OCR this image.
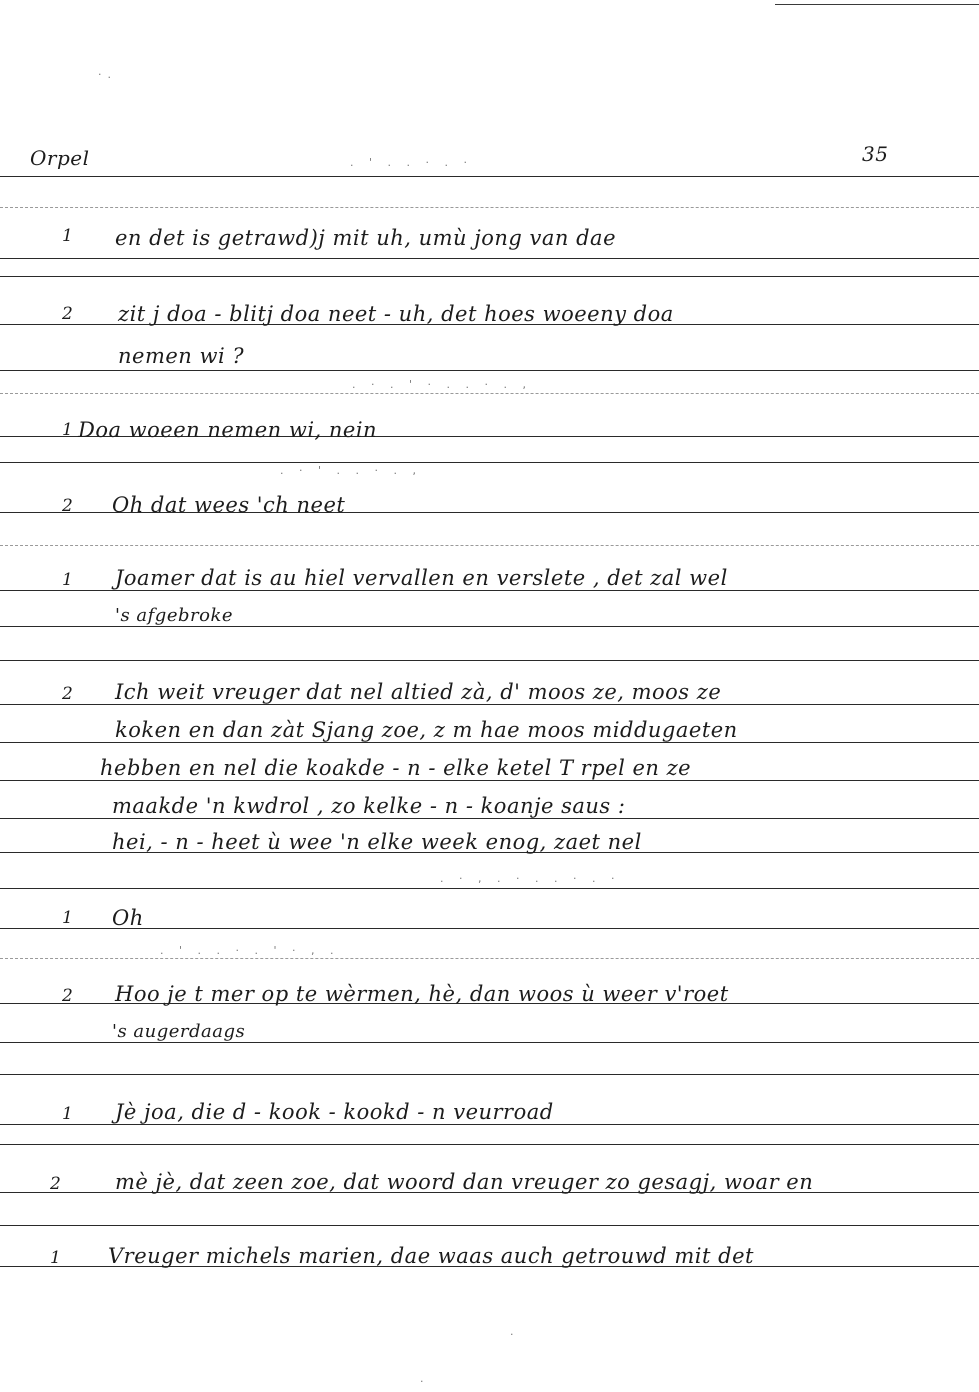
·.
Orpel	35
. ' . . · . ·
1 en det is getrawd)j mit uh, umù jong van dae
2 zit j doa - blitj doa neet - uh, det hoes woeeny doa
nemen wi ?
. · . ' · . . · . ,
1 Doa woeen nemen wi, nein
. · ' . . · . ,
2 Oh dat wees 'ch neet
1 Joamer dat is au hiel vervallen en verslete , det zal wel
's afgebroke
2 Ich weit vreuger dat nel altied zà, d' moos ze, moos ze
koken en dan zàt Sjang zoe, z m hae moos middugaeten
hebben en nel die koakde - n - elke ketel T rpel en ze
maakde 'n kwdrol , zo kelke - n - koanje saus :
hei, - n - heet ù wee 'n elke week enog, zaet nel
. · , . · . . · . ·
1 Oh
. ' . . · . ' · , .
2 Hoo je t mer op te wèrmen, hè, dan woos ù weer v'roet
's augerdaags
1 Jè joa, die d - kook - kookd - n veurroad
2	mè jè, dat zeen zoe, dat woord dan vreuger zo gesagj, woar en
1 Vreuger michels marien, dae waas auch getrouwd mit det
·
.
